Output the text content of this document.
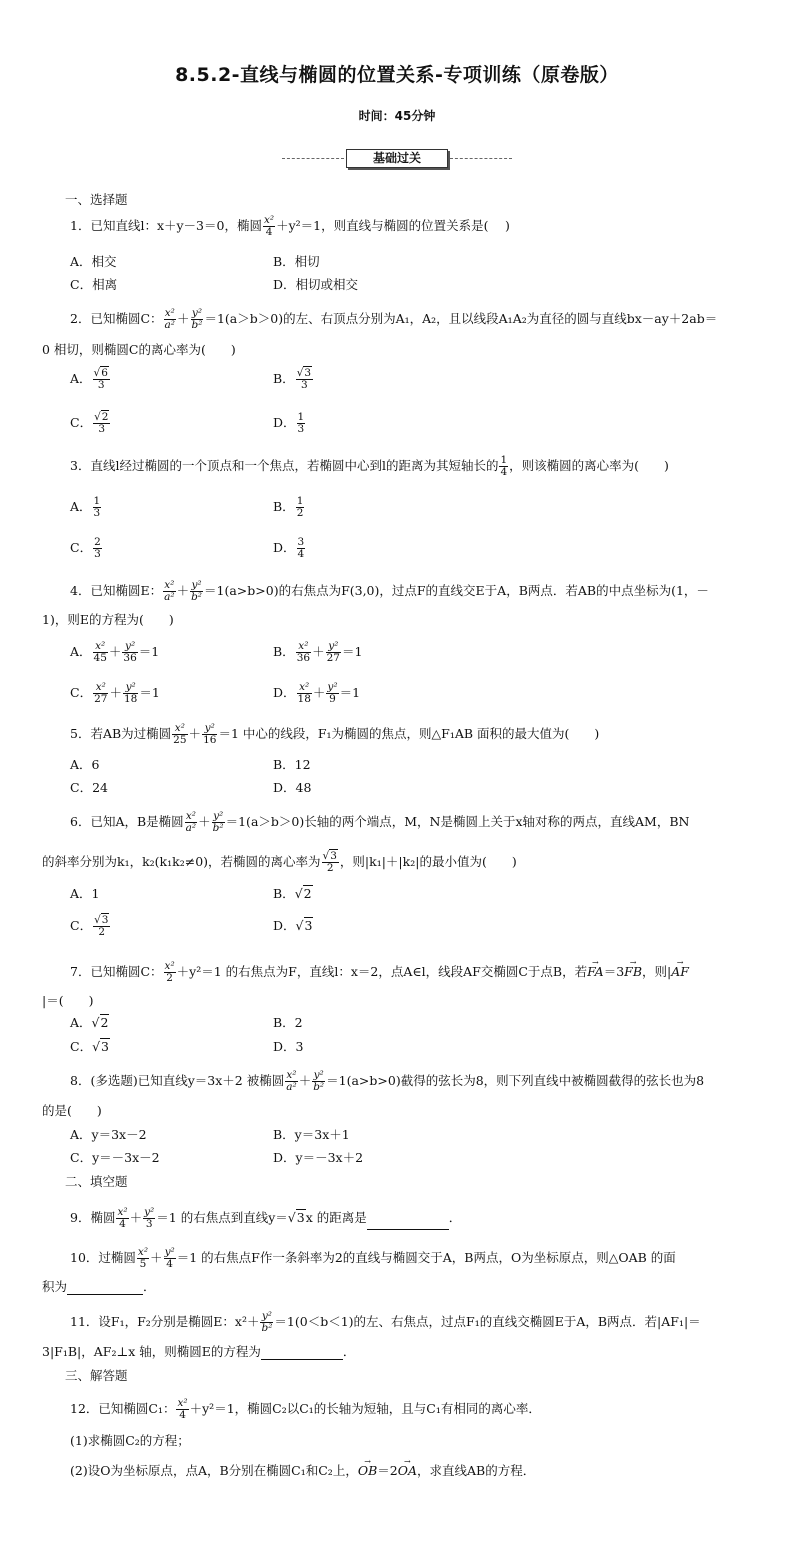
8.5.2-直线与椭圆的位置关系-专项训练（原卷版）
时间：45分钟
基础过关
一、选择题
1．已知直线l：x＋y－3＝0，椭圆 $\frac{\text{x²}}{4} +y^2=1$，则直线与椭圆的位置关系是(　 )
A．相交	B．相切
C．相离	D．相切或相交
2．已知椭圆C： $\frac{\text{x²}}{\text{a²}} + \frac{\text{y²}}{\text{b²}} =1(a>b>0)$的左、右顶点分别为A₁，A₂，且以线段A₁A₂为直径的圆与直线bx－ay＋2ab＝
0 相切，则椭圆C的离心率为(　　)
A． $\frac{√6}{3}$	B． $\frac{√3}{3}$
C． $\frac{√2}{3}$	D． $\frac{1}{3}$
3．直线l经过椭圆的一个顶点和一个焦点，若椭圆中心到l的距离为其短轴长的 $\frac{1}{4}$ ，则该椭圆的离心率为(　　)
A． $\frac{1}{3}$	B． $\frac{1}{2}$
C． $\frac{2}{3}$	D． $\frac{3}{4}$
4．已知椭圆E： $\frac{\text{x²}}{\text{a²}} + \frac{\text{y²}}{\text{b²}} =1(a>b>0)$的右焦点为F(3,0)，过点F的直线交E于A，B两点．若AB的中点坐标为(1，－
1)，则E的方程为(　　)
A． $\frac{\text{x²}}{45} + \frac{\text{y²}}{36} =1$	B． $\frac{\text{x²}}{36} + \frac{\text{y²}}{27} =1$
C． $\frac{\text{x²}}{27} + \frac{\text{y²}}{18} =1$	D． $\frac{\text{x²}}{18} + \frac{\text{y²}}{9} =1$
5．若AB为过椭圆 $\frac{\text{x²}}{25} + \frac{\text{y²}}{16} =1$ 中心的线段，F₁为椭圆的焦点，则△F₁AB 面积的最大值为(　　)
A．6	B．12
C．24	D．48
6．已知A，B是椭圆 $\frac{\text{x²}}{\text{a²}} + \frac{\text{y²}}{\text{b²}} =1(a>b>0)$长轴的两个端点，M，N是椭圆上关于x轴对称的两点，直线AM，BN
的斜率分别为k₁，k₂(k₁k₂≠0)，若椭圆的离心率为 $\frac{√3}{2}$ ，则|k₁|＋|k₂|的最小值为(　　)
A．1	B．√2
C． $\frac{√3}{2}$	D．√3
7．已知椭圆C： $\frac{\text{x²}}{2} +y^2=1$ 的右焦点为F，直线l：x＝2，点A∈l，线段AF交椭圆C于点B，若→ FA＝3→ FB，则|→ AF
|＝(　　)
A．√2	B．2
C．√3	D．3
8．(多选题)已知直线y＝3x＋2 被椭圆 $\frac{\text{x²}}{\text{a²}} + \frac{\text{y²}}{\text{b²}} =1(a>b>0)$截得的弦长为8，则下列直线中被椭圆截得的弦长也为8
的是(　　)
A．y＝3x－2	B．y＝3x＋1
C．y＝－3x－2	D．y＝－3x＋2
二、填空题
9．椭圆 $\frac{\text{x²}}{4} + \frac{\text{y²}}{3} =1$ 的右焦点到直线y＝√3x 的距离是	．
10．过椭圆 $\frac{\text{x²}}{5} + \frac{\text{y²}}{4} =1$ 的右焦点F作一条斜率为2的直线与椭圆交于A，B两点，O为坐标原点，则△OAB 的面
积为	．
11．设F₁，F₂分别是椭圆E：$x^2+ \frac{\text{y²}}{\text{b²}} =1(0<b<1)$的左、右焦点，过点F₁的直线交椭圆E于A，B两点．若|AF₁|＝
3|F₁B|，AF₂⊥x 轴，则椭圆E的方程为	．
三、解答题
12．已知椭圆C₁： $\frac{\text{x²}}{4} +y^2=1$，椭圆C₂以C₁的长轴为短轴，且与C₁有相同的离心率．
(1)求椭圆C₂的方程；
(2)设O为坐标原点，点A，B分别在椭圆C₁和C₂上，→ OB＝2→ OA，求直线AB的方程．
